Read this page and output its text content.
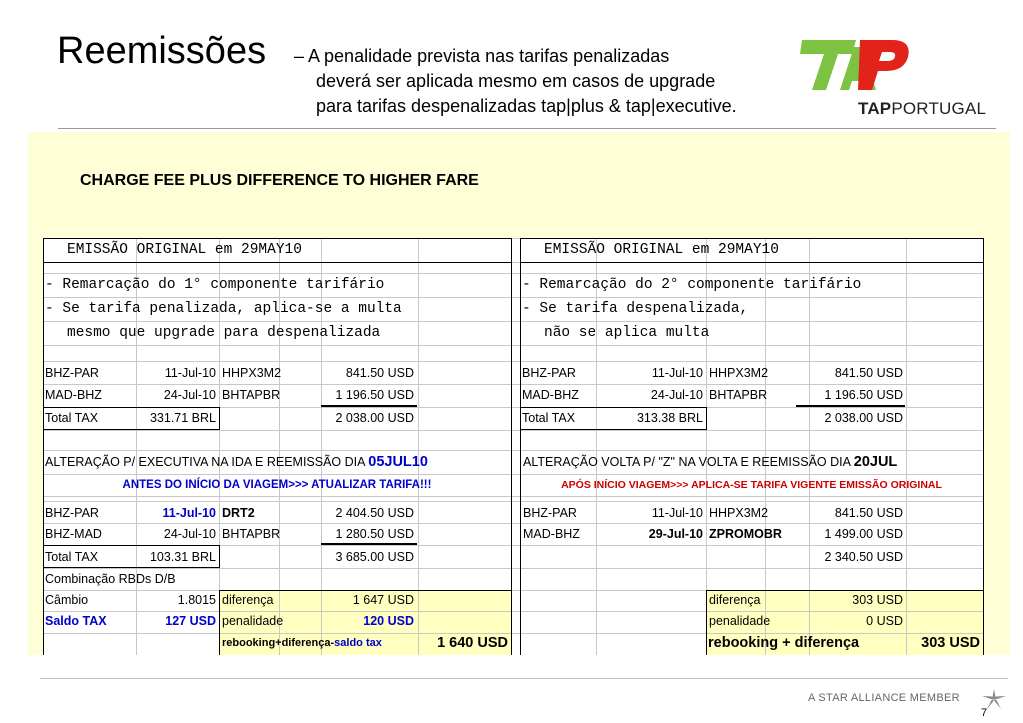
Reemissões – A penalidade prevista nas tarifas penalizadas
deverá ser aplicada mesmo em casos de upgrade
para tarifas despenalizadas tap|plus & tap|executive.	TAPPORTUGAL
CHARGE FEE PLUS DIFFERENCE TO HIGHER FARE
EMISSÃO ORIGINAL em 29MAY10
- Remarcação do 1° componente tarifário
- Se tarifa penalizada, aplica-se a multa
mesmo que upgrade para despenalizada
BHZ-PAR	11-Jul-10 HHPX3M2	841.50 USD
MAD-BHZ	24-Jul-10 BHTAPBR	1 196.50 USD
Total TAX	331.71 BRL	2 038.00 USD
EMISSÃO ORIGINAL em 29MAY10
- Remarcação do 2° componente tarifário
- Se tarifa despenalizada,
não se aplica multa
BHZ-PAR	11-Jul-10 HHPX3M2	841.50 USD
MAD-BHZ	24-Jul-10 BHTAPBR	1 196.50 USD
Total TAX	313.38 BRL	2 038.00 USD
ALTERAÇÃO P/ EXECUTIVA NA IDA E REEMISSÃO DIA 05JUL10	ALTERAÇÃO VOLTA P/ "Z" NA VOLTA E REEMISSÃO DIA 20JUL
ANTES DO INÍCIO DA VIAGEM>>> ATUALIZAR TARIFA!!!	APÓS INÍCIO VIAGEM>>> APLICA-SE TARIFA VIGENTE EMISSÃO ORIGINAL
BHZ-PAR	11-Jul-10 DRT2	2 404.50 USD
BHZ-MAD	24-Jul-10 BHTAPBR	1 280.50 USD
Total TAX	103.31 BRL	3 685.00 USD
Combinação RBDs D/B
Câmbio	1.8015 diferença	1 647 USD
Saldo TAX	127 USD penalidade	120 USD
rebooking+diferença-saldo tax	1 640 USD
BHZ-PAR	11-Jul-10 HHPX3M2	841.50 USD
MAD-BHZ	29-Jul-10 ZPROMOBR	1 499.00 USD
2 340.50 USD
diferença	303 USD
penalidade	0 USD
rebooking + diferença	303 USD
A STAR ALLIANCE MEMBER
7
